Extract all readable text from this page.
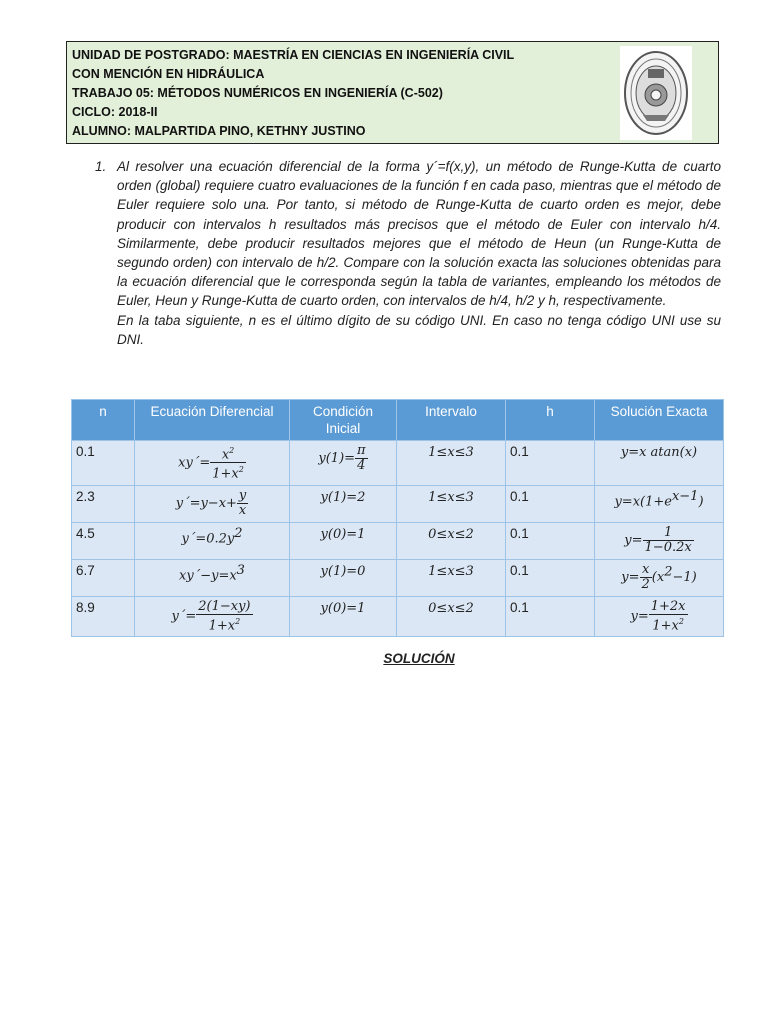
UNIDAD DE POSTGRADO: MAESTRÍA EN CIENCIAS EN INGENIERÍA CIVIL
CON MENCIÓN EN HIDRÁULICA
TRABAJO 05: MÉTODOS NUMÉRICOS EN INGENIERÍA (C-502)
CICLO: 2018-II
ALUMNO: MALPARTIDA PINO, KETHNY JUSTINO
1. Al resolver una ecuación diferencial de la forma y´=f(x,y), un método de Runge-Kutta de cuarto orden (global) requiere cuatro evaluaciones de la función f en cada paso, mientras que el método de Euler requiere solo una. Por tanto, si método de Runge-Kutta de cuarto orden es mejor, debe producir con intervalos h resultados más precisos que el método de Euler con intervalo h/4. Similarmente, debe producir resultados mejores que el método de Heun (un Runge-Kutta de segundo orden) con intervalo de h/2. Compare con la solución exacta las soluciones obtenidas para la ecuación diferencial que le corresponda según la tabla de variantes, empleando los métodos de Euler, Heun y Runge-Kutta de cuarto orden, con intervalos de h/4, h/2 y h, respectivamente.

En la taba siguiente, n es el último dígito de su código UNI. En caso no tenga código UNI use su DNI.

n	Ecuación Diferencial	Condición Inicial	Intervalo	h	Solución Exacta
0.1	xy´= $\frac{x^2}{1+x^2}$	$y(1)= \frac{\pi}{4}$	1≤x≤3	0.1	y=x atan(x)
2.3	y´=y−x+ $\frac{y}{x}$	y(1)=2	1≤x≤3	0.1	$y=x(1+e^{x-1})$
4.5	$y´=0.2y^2$	y(0)=1	0≤x≤2	0.1	$y= \frac{1}{1-0.2x}$

6.7	$xy´-y=x^3$	y(1)=0	1≤x≤3	0.1	$y= \frac{x}{2} (x^2-1)$
8.9	y´= $\frac{2(1-xy)}{1+x^2}$	y(0)=1	0≤x≤2	0.1	$y= \frac{1+2x}{1+x^2}$
SOLUCIÓN
